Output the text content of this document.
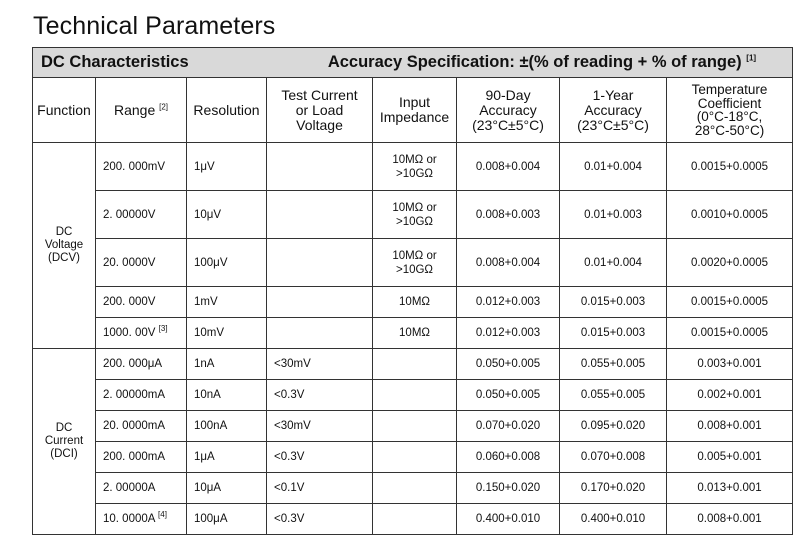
Technical Parameters
DC Characteristics			Accuracy Specification: ±(% of reading + % of range) [1]
Function	Range [2]	Resolution	Test Current
or Load
Voltage	Input
Impedance	90-Day
Accuracy
(23°C±5°C)	1-Year
Accuracy
(23°C±5°C)	Temperature
Coefficient
(0°C-18°C,
28°C-50°C)
DC
Voltage
(DCV)	200. 000mV	1μV		10MΩ or
>10GΩ	0.008+0.004	0.01+0.004	0.0015+0.0005
	2. 00000V	10μV		10MΩ or
>10GΩ	0.008+0.003	0.01+0.003	0.0010+0.0005
	20. 0000V	100μV		10MΩ or
>10GΩ	0.008+0.004	0.01+0.004	0.0020+0.0005
	200. 000V	1mV		10MΩ	0.012+0.003	0.015+0.003	0.0015+0.0005
	1000. 00V [3]	10mV		10MΩ	0.012+0.003	0.015+0.003	0.0015+0.0005
DC
Current
(DCI)	200. 000μA	1nA	<30mV		0.050+0.005	0.055+0.005	0.003+0.001
	2. 00000mA	10nA	<0.3V		0.050+0.005	0.055+0.005	0.002+0.001
	20. 0000mA	100nA	<30mV		0.070+0.020	0.095+0.020	0.008+0.001
	200. 000mA	1μA	<0.3V		0.060+0.008	0.070+0.008	0.005+0.001
	2. 00000A	10μA	<0.1V		0.150+0.020	0.170+0.020	0.013+0.001
	10. 0000A [4]	100μA	<0.3V		0.400+0.010	0.400+0.010	0.008+0.001
